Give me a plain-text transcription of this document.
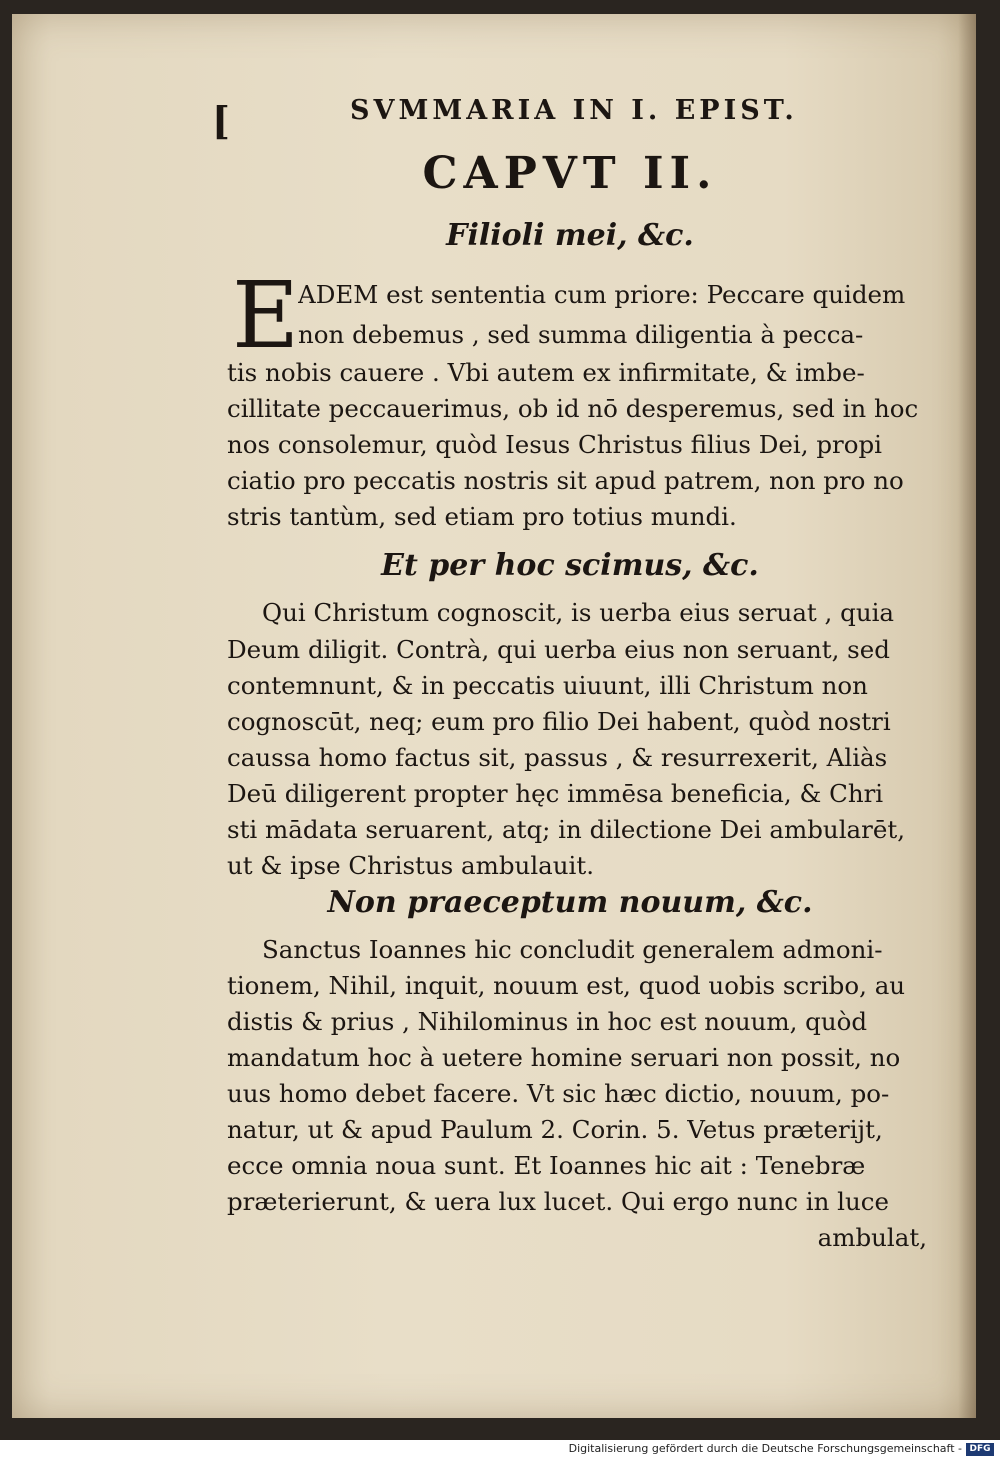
[	SVMMARIA IN I. EPIST.

CAPVT II.
Filioli mei, &c.

E

ADEM est sententia cum priore: Peccare quidem

non debemus , sed summa diligentia à pecca-

tis nobis cauere . Vbi autem ex infirmitate, & imbe-

cillitate peccauerimus, ob id nō desperemus, sed in hoc

nos consolemur, quòd Iesus Christus filius Dei, propi

ciatio pro peccatis nostris sit apud patrem, non pro no

stris tantùm, sed etiam pro totius mundi.

Et per hoc scimus, &c.

Qui Christum cognoscit, is uerba eius seruat , quia

Deum diligit. Contrà, qui uerba eius non seruant, sed

contemnunt, & in peccatis uiuunt, illi Christum non

cognoscūt, neq; eum pro filio Dei habent, quòd nostri

caussa homo factus sit, passus , & resurrexerit, Aliàs

Deū diligerent propter hęc immēsa beneficia, & Chri

sti mādata seruarent, atq; in dilectione Dei ambularēt,

ut & ipse Christus ambulauit.

Non praeceptum nouum, &c.

Sanctus Ioannes hic concludit generalem admoni-

tionem, Nihil, inquit, nouum est, quod uobis scribo, au

distis & prius , Nihilominus in hoc est nouum, quòd

mandatum hoc à uetere homine seruari non possit, no

uus homo debet facere. Vt sic hæc dictio, nouum, po-

natur, ut & apud Paulum 2. Corin. 5. Vetus præterijt,

ecce omnia noua sunt. Et Ioannes hic ait : Tenebræ

præterierunt, & uera lux lucet. Qui ergo nunc in luce

ambulat,

Digitalisierung gefördert durch die Deutsche Forschungsgemeinschaft - DFG
